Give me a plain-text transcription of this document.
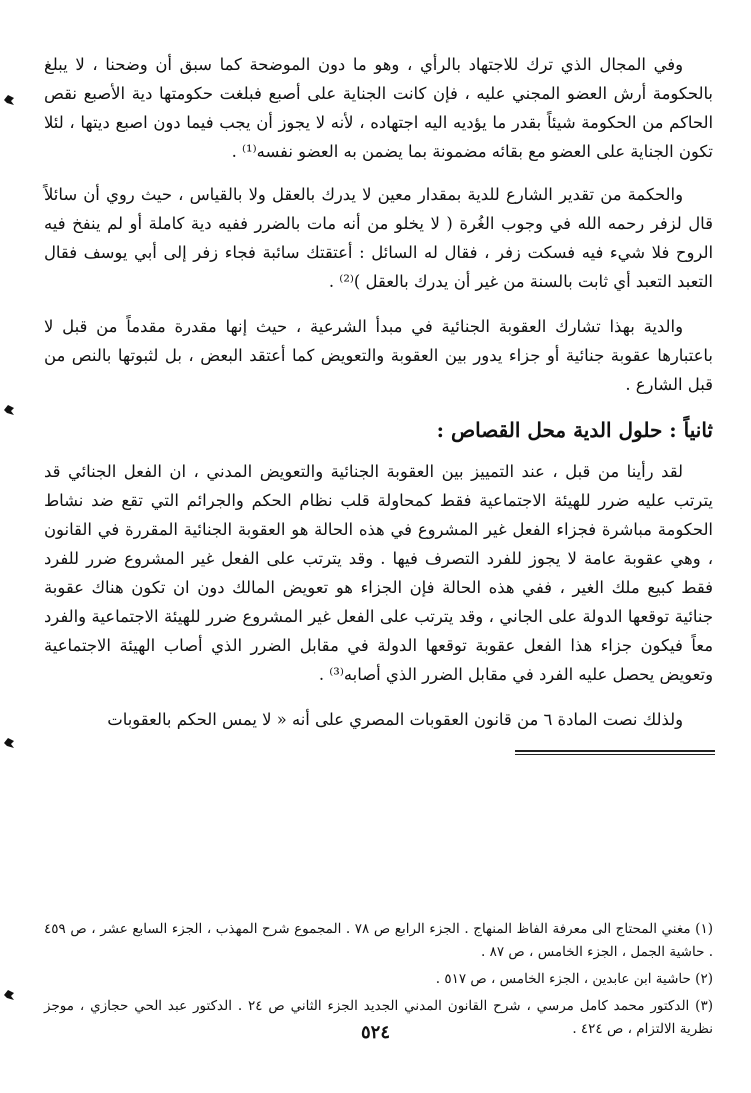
وفي المجال الذي ترك للاجتهاد بالرأي ، وهو ما دون الموضحة كما سبق أن وضحنا ، لا يبلغ بالحكومة أرش العضو المجني عليه ، فإن كانت الجناية على أصبع فبلغت حكومتها دية الأصبع نقص الحاكم من الحكومة شيئاً بقدر ما يؤديه اليه اجتهاده ، لأنه لا يجوز أن يجب فيما دون اصبع ديتها ، لئلا تكون الجناية على العضو مع بقائه مضمونة بما يضمن به العضو نفسه⁽¹⁾ .

والحكمة من تقدير الشارع للدية بمقدار معين لا يدرك بالعقل ولا بالقياس ، حيث روي أن سائلاً قال لزفر رحمه الله في وجوب الغُرة ( لا يخلو من أنه مات بالضرر ففيه دية كاملة أو لم ينفخ فيه الروح فلا شيء فيه فسكت زفر ، فقال له السائل : أعتقتك سائبة فجاء زفر إلى أبي يوسف فقال التعبد التعبد أي ثابت بالسنة من غير أن يدرك بالعقل )⁽²⁾ .

والدية بهذا تشارك العقوبة الجنائية في مبدأ الشرعية ، حيث إنها مقدرة مقدماً من قبل لا باعتبارها عقوبة جنائية أو جزاء يدور بين العقوبة والتعويض كما أعتقد البعض ، بل لثبوتها بالنص من قبل الشارع .

ثانياً : حلول الدية محل القصاص :

لقد رأينا من قبل ، عند التمييز بين العقوبة الجنائية والتعويض المدني ، ان الفعل الجنائي قد يترتب عليه ضرر للهيئة الاجتماعية فقط كمحاولة قلب نظام الحكم والجرائم التي تقع ضد نشاط الحكومة مباشرة فجزاء الفعل غير المشروع في هذه الحالة هو العقوبة الجنائية المقررة في القانون ، وهي عقوبة عامة لا يجوز للفرد التصرف فيها . وقد يترتب على الفعل غير المشروع ضرر للفرد فقط كبيع ملك الغير ، ففي هذه الحالة فإن الجزاء هو تعويض المالك دون ان تكون هناك عقوبة جنائية توقعها الدولة على الجاني ، وقد يترتب على الفعل غير المشروع ضرر للهيئة الاجتماعية والفرد معاً فيكون جزاء هذا الفعل عقوبة توقعها الدولة في مقابل الضرر الذي أصاب الهيئة الاجتماعية وتعويض يحصل عليه الفرد في مقابل الضرر الذي أصابه⁽³⁾ .

ولذلك نصت المادة ٦ من قانون العقوبات المصري على أنه « لا يمس الحكم بالعقوبات

(١) مغني المحتاج الى معرفة الفاظ المنهاج . الجزء الرابع ص ٧٨ . المجموع شرح المهذب ، الجزء السابع عشر ، ص ٤٥٩ . حاشية الجمل ، الجزء الخامس ، ص ٨٧ .

(٢) حاشية ابن عابدين ، الجزء الخامس ، ص ٥١٧ .

(٣) الدكتور محمد كامل مرسي ، شرح القانون المدني الجديد الجزء الثاني ص ٢٤ . الدكتور عبد الحي حجازي ، موجز نظرية الالتزام ، ص ٤٢٤ .

٥٢٤
